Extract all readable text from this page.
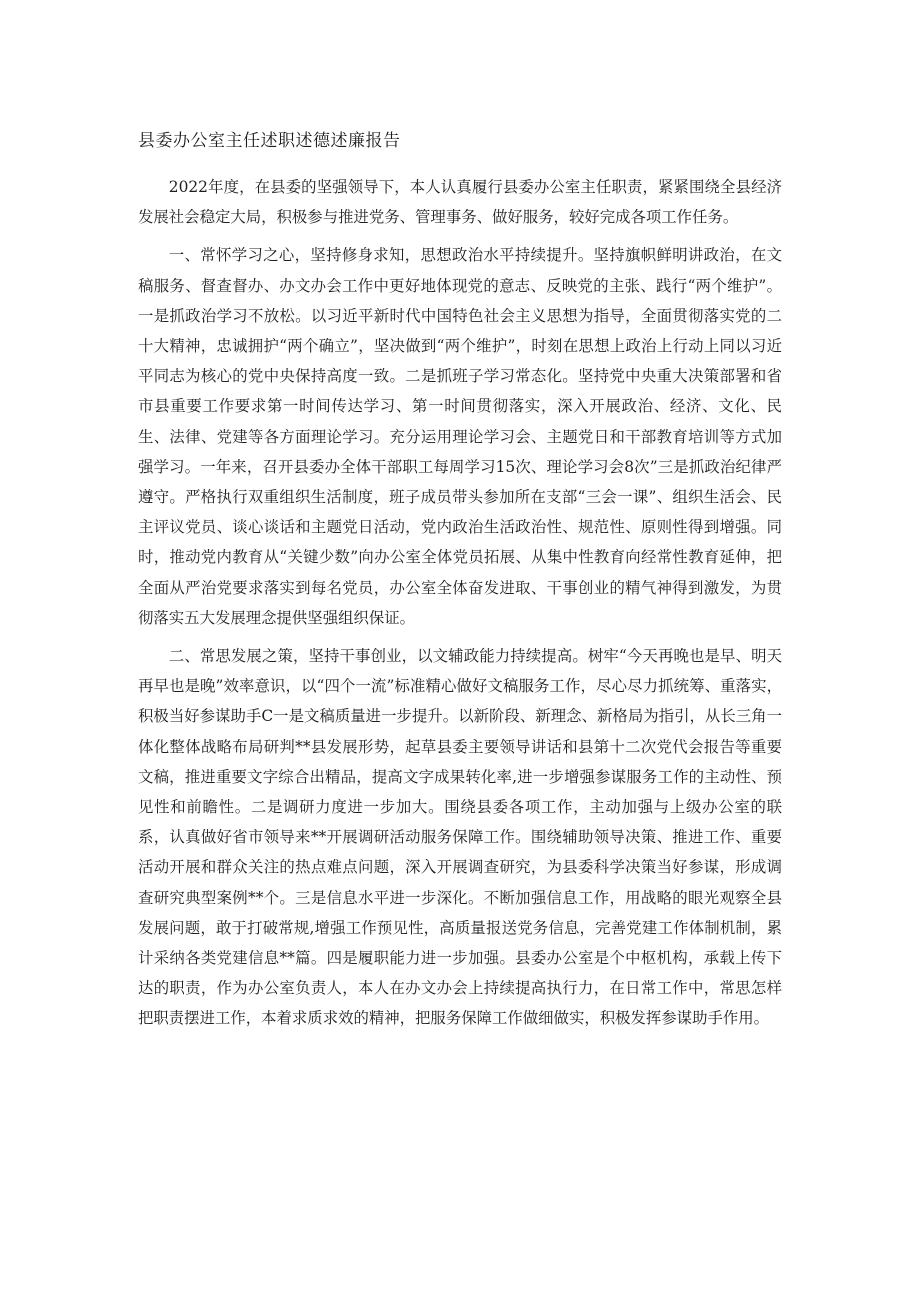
县委办公室主任述职述德述廉报告

2022年度，在县委的坚强领导下，本人认真履行县委办公室主任职责，紧紧围绕全县经济发展社会稳定大局，积极参与推进党务、管理事务、做好服务，较好完成各项工作任务。

一、常怀学习之心，坚持修身求知，思想政治水平持续提升。坚持旗帜鲜明讲政治，在文稿服务、督查督办、办文办会工作中更好地体现党的意志、反映党的主张、践行“两个维护”。一是抓政治学习不放松。以习近平新时代中国特色社会主义思想为指导，全面贯彻落实党的二十大精神，忠诚拥护“两个确立”，坚决做到“两个维护”，时刻在思想上政治上行动上同以习近平同志为核心的党中央保持高度一致。二是抓班子学习常态化。坚持党中央重大决策部署和省市县重要工作要求第一时间传达学习、第一时间贯彻落实，深入开展政治、经济、文化、民生、法律、党建等各方面理论学习。充分运用理论学习会、主题党日和干部教育培训等方式加强学习。一年来，召开县委办全体干部职工每周学习15次、理论学习会8次”三是抓政治纪律严遵守。严格执行双重组织生活制度，班子成员带头参加所在支部“三会一课”、组织生活会、民主评议党员、谈心谈话和主题党日活动，党内政治生活政治性、规范性、原则性得到增强。同时，推动党内教育从“关键少数”向办公室全体党员拓展、从集中性教育向经常性教育延伸，把全面从严治党要求落实到每名党员，办公室全体奋发进取、干事创业的精气神得到激发，为贯彻落实五大发展理念提供坚强组织保证。

二、常思发展之策，坚持干事创业，以文辅政能力持续提高。树牢“今天再晚也是早、明天再早也是晚”效率意识，以“四个一流”标准精心做好文稿服务工作，尽心尽力抓统筹、重落实，积极当好参谋助手C一是文稿质量进一步提升。以新阶段、新理念、新格局为指引，从长三角一体化整体战略布局研判**县发展形势，起草县委主要领导讲话和县第十二次党代会报告等重要文稿，推进重要文字综合出精品，提高文字成果转化率,进一步增强参谋服务工作的主动性、预见性和前瞻性。二是调研力度进一步加大。围绕县委各项工作，主动加强与上级办公室的联系，认真做好省市领导来**开展调研活动服务保障工作。围绕辅助领导决策、推进工作、重要活动开展和群众关注的热点难点问题，深入开展调查研究，为县委科学决策当好参谋，形成调查研究典型案例**个。三是信息水平进一步深化。不断加强信息工作，用战略的眼光观察全县发展问题，敢于打破常规,增强工作预见性，高质量报送党务信息，完善党建工作体制机制，累计采纳各类党建信息**篇。四是履职能力进一步加强。县委办公室是个中枢机构，承载上传下达的职责，作为办公室负责人，本人在办文办会上持续提高执行力，在日常工作中，常思怎样把职责摆进工作，本着求质求效的精神，把服务保障工作做细做实，积极发挥参谋助手作用。
